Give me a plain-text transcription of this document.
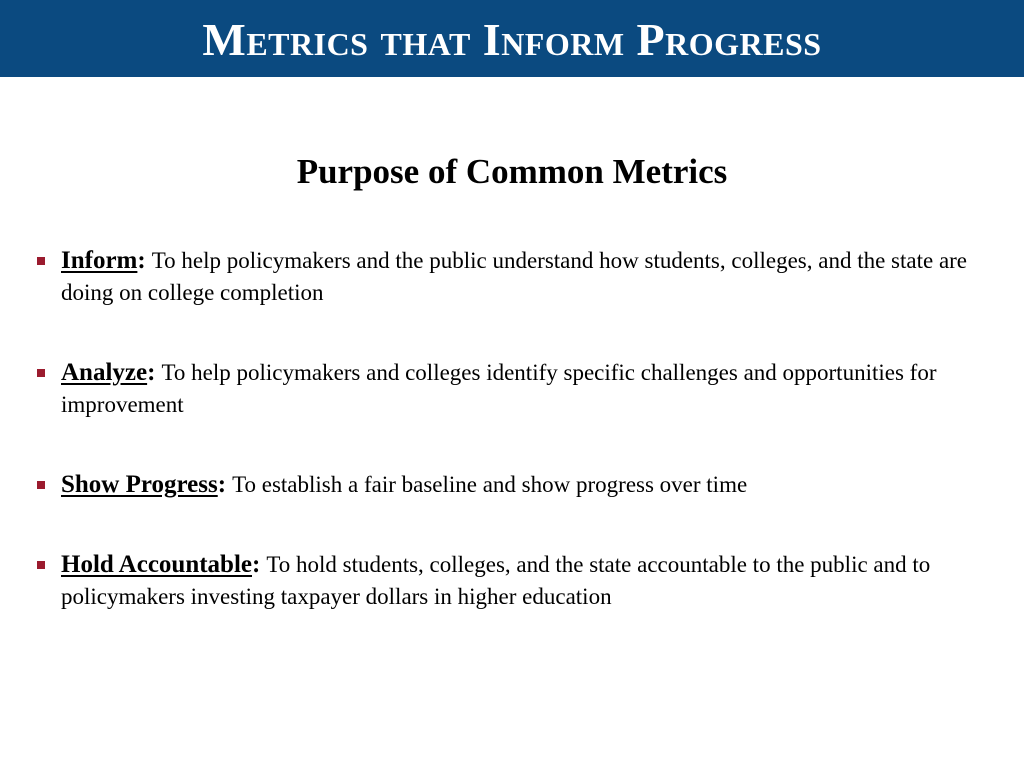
Metrics that Inform Progress
Purpose of Common Metrics
Inform: To help policymakers and the public understand how students, colleges, and the state are doing on college completion
Analyze: To help policymakers and colleges identify specific challenges and opportunities for improvement
Show Progress: To establish a fair baseline and show progress over time
Hold Accountable: To hold students, colleges, and the state accountable to the public and to policymakers investing taxpayer dollars in higher education
